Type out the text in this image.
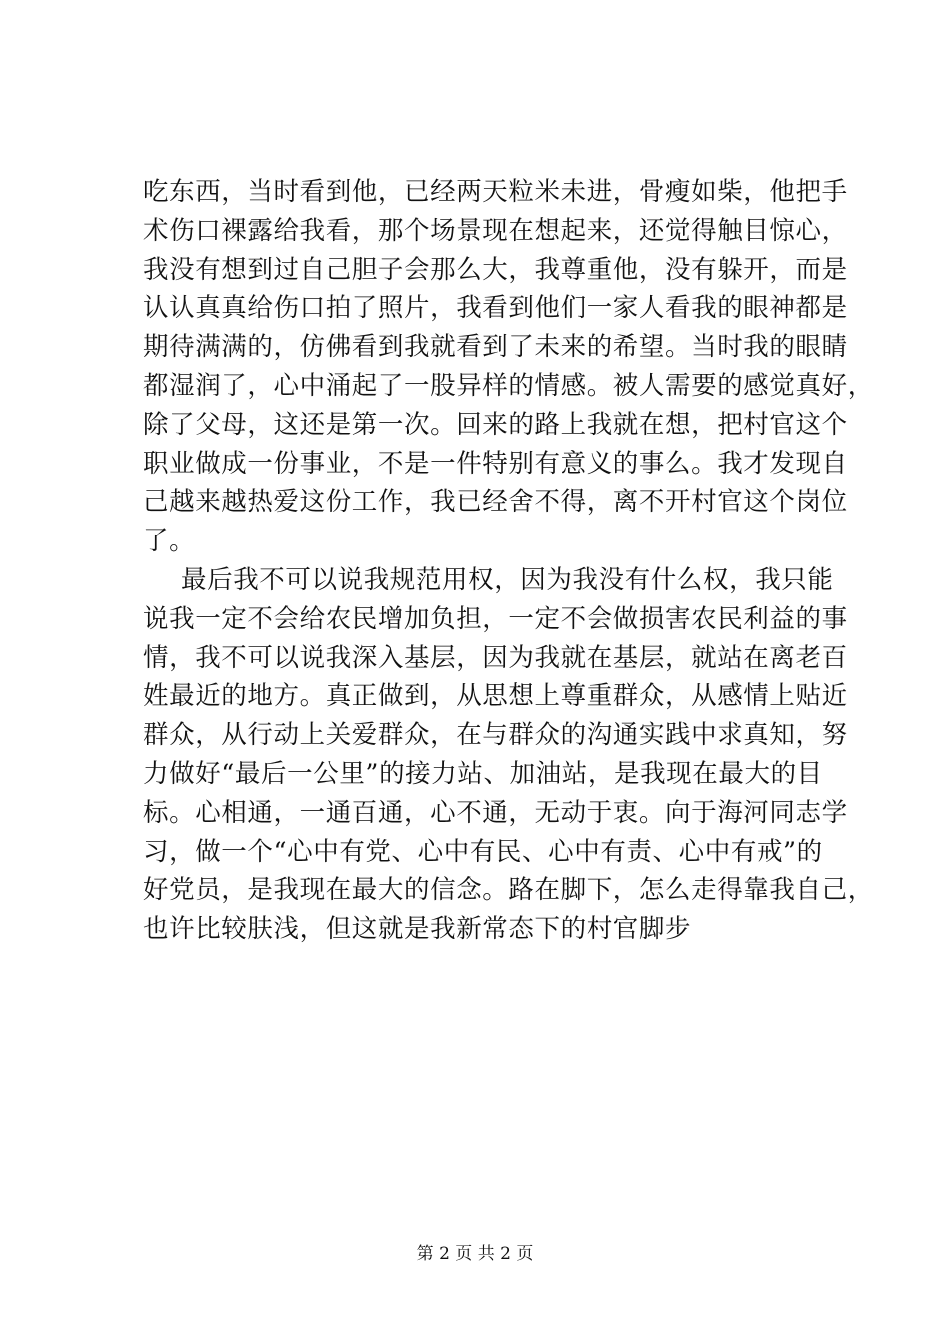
吃东西，当时看到他，已经两天粒米未进，骨瘦如柴，他把手
术伤口裸露给我看，那个场景现在想起来，还觉得触目惊心，
我没有想到过自己胆子会那么大，我尊重他，没有躲开，而是
认认真真给伤口拍了照片，我看到他们一家人看我的眼神都是
期待满满的，仿佛看到我就看到了未来的希望。当时我的眼睛
都湿润了，心中涌起了一股异样的情感。被人需要的感觉真好，
除了父母，这还是第一次。回来的路上我就在想，把村官这个
职业做成一份事业，不是一件特别有意义的事么。我才发现自
己越来越热爱这份工作，我已经舍不得，离不开村官这个岗位
了。
最后我不可以说我规范用权，因为我没有什么权，我只能
说我一定不会给农民增加负担，一定不会做损害农民利益的事
情，我不可以说我深入基层，因为我就在基层，就站在离老百
姓最近的地方。真正做到，从思想上尊重群众，从感情上贴近
群众，从行动上关爱群众，在与群众的沟通实践中求真知，努
力做好“最后一公里”的接力站、加油站，是我现在最大的目
标。心相通，一通百通，心不通，无动于衷。向于海河同志学
习，做一个“心中有党、心中有民、心中有责、心中有戒”的
好党员，是我现在最大的信念。路在脚下，怎么走得靠我自己，
也许比较肤浅，但这就是我新常态下的村官脚步
第 2 页 共 2 页
